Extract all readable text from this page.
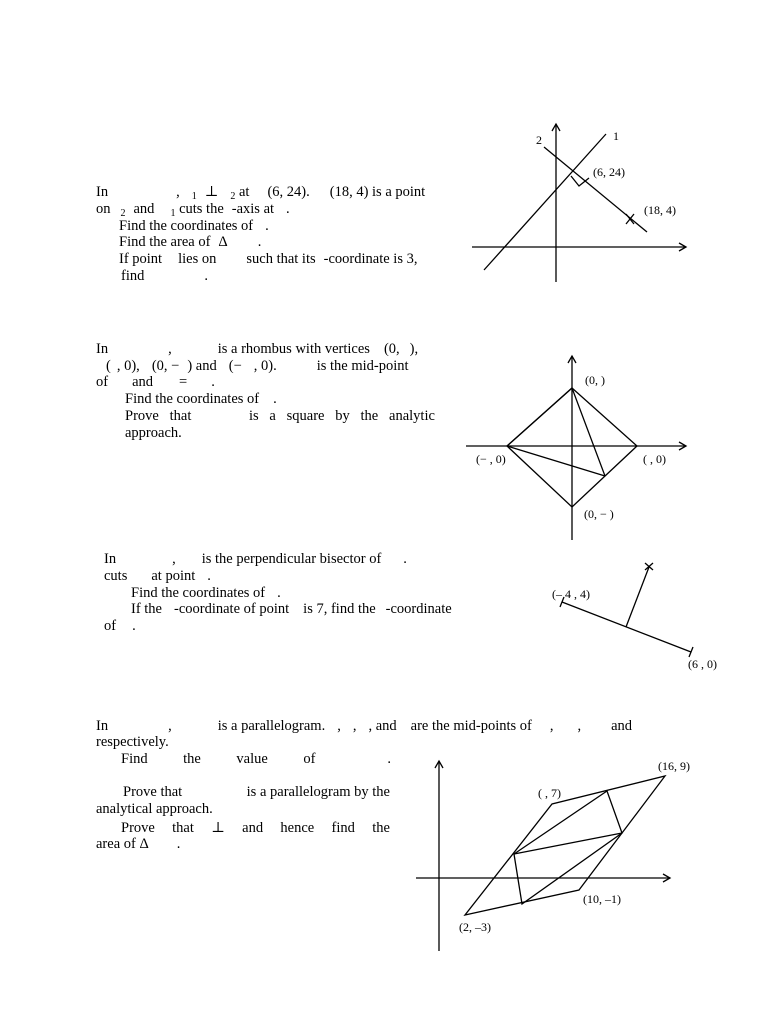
In	, $_1$ ⊥ $_2$ at (6, 24). (18, 4) is a point
on $_2$ and $_1$ cuts the -axis at .
Find the coordinates of .
Find the area of Δ .
If point lies on such that its -coordinate is 3,
find	.
2	1
(6, 24)
(18, 4)
In	,	is a rhombus with vertices (0, ),
( , 0), (0, − ) and (− , 0).	is the mid-point
of and = .
Find the coordinates of .
Prove that	is a square by the analytic
approach.
(0, )
(− , 0)	( , 0)
(0, − )
In	, is the perpendicular bisector of .
cuts at point .
Find the coordinates of .
If the -coordinate of point is 7, find the -coordinate
of .
(– 4 , 4)
(6 , 0)
In	,	is a parallelogram. , , , and are the mid-points of , , and
respectively.
Find the value of	.
Prove that	is a parallelogram by the
analytical approach.
Prove that ⊥ and hence find the
area of Δ .
(16, 9)
( , 7)
(10, –1)
(2, –3)
